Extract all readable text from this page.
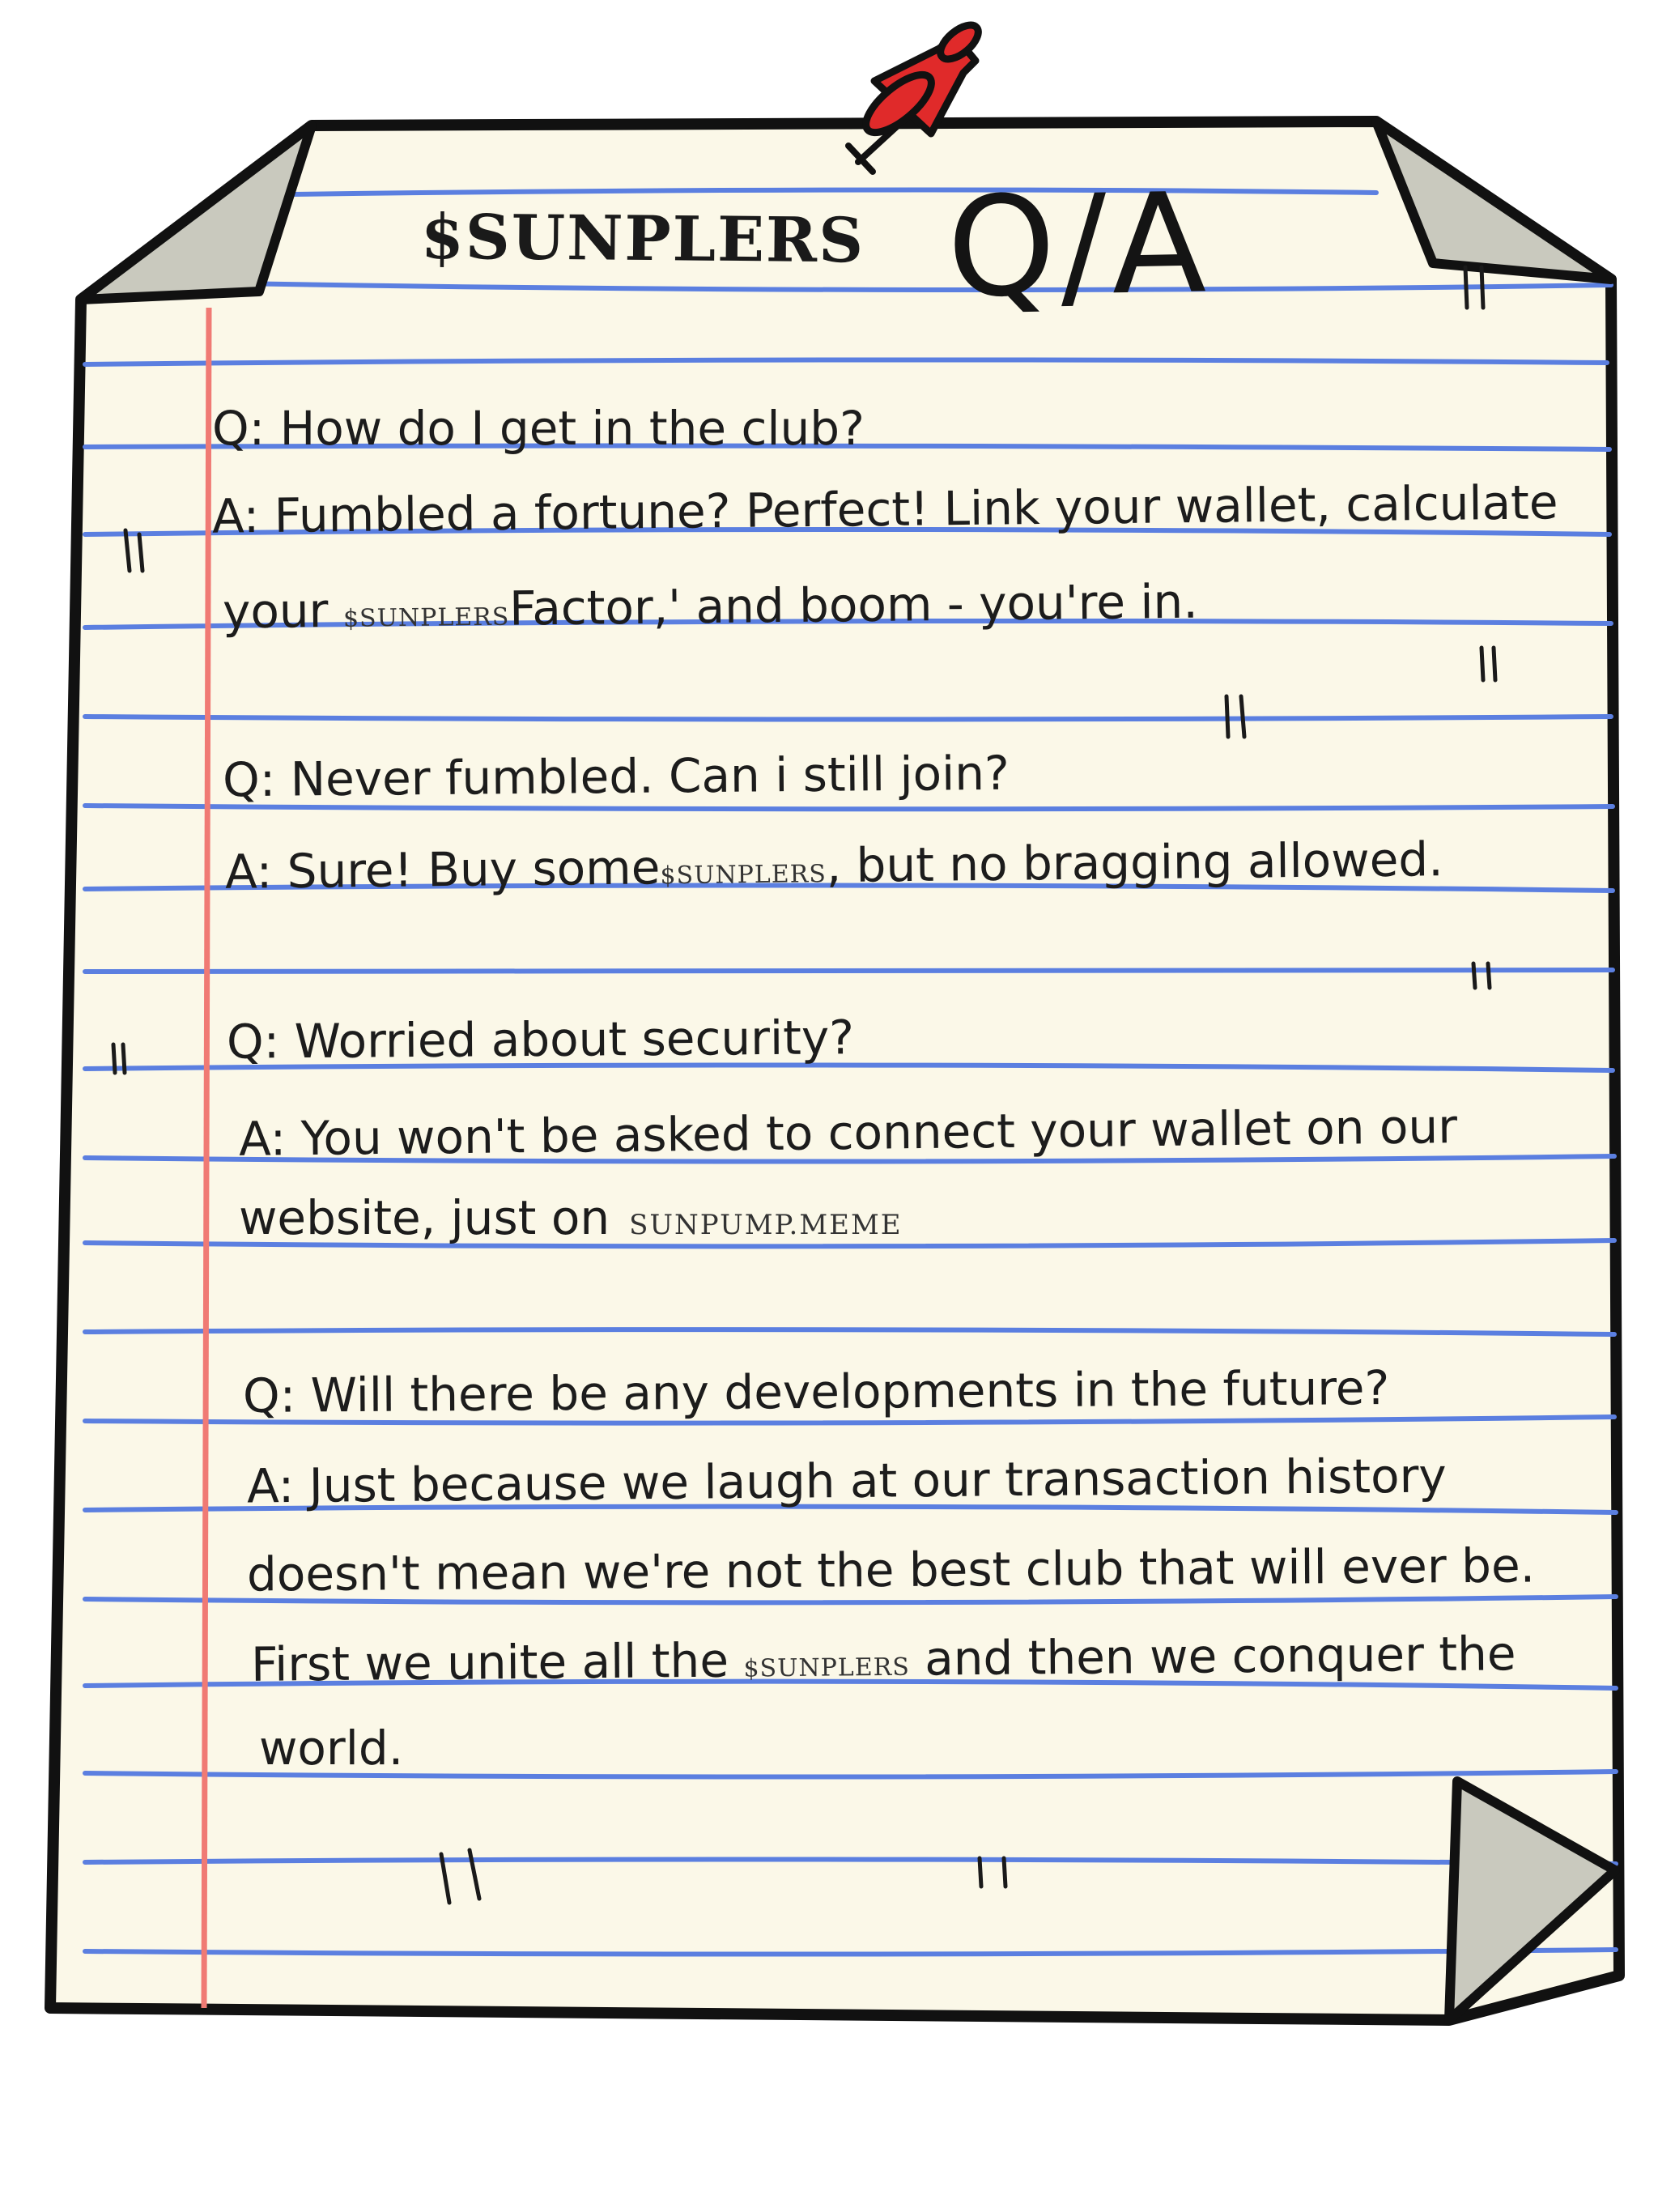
$SUNPLERS Q/A
Q: How do I get in the club?
A: Fumbled a fortune? Perfect! Link your wallet, calculate
your $SUNPLERSFactor,' and boom - you're in.
Q: Never fumbled. Can i still join?
A: Sure! Buy some$SUNPLERS, but no bragging allowed.
Q: Worried about security?
A: You won't be asked to connect your wallet on our
website, just on SUNPUMP.MEME
Q: Will there be any developments in the future?
A: Just because we laugh at our transaction history
doesn't mean we're not the best club that will ever be.
First we unite all the $SUNPLERS and then we conquer the
world.
